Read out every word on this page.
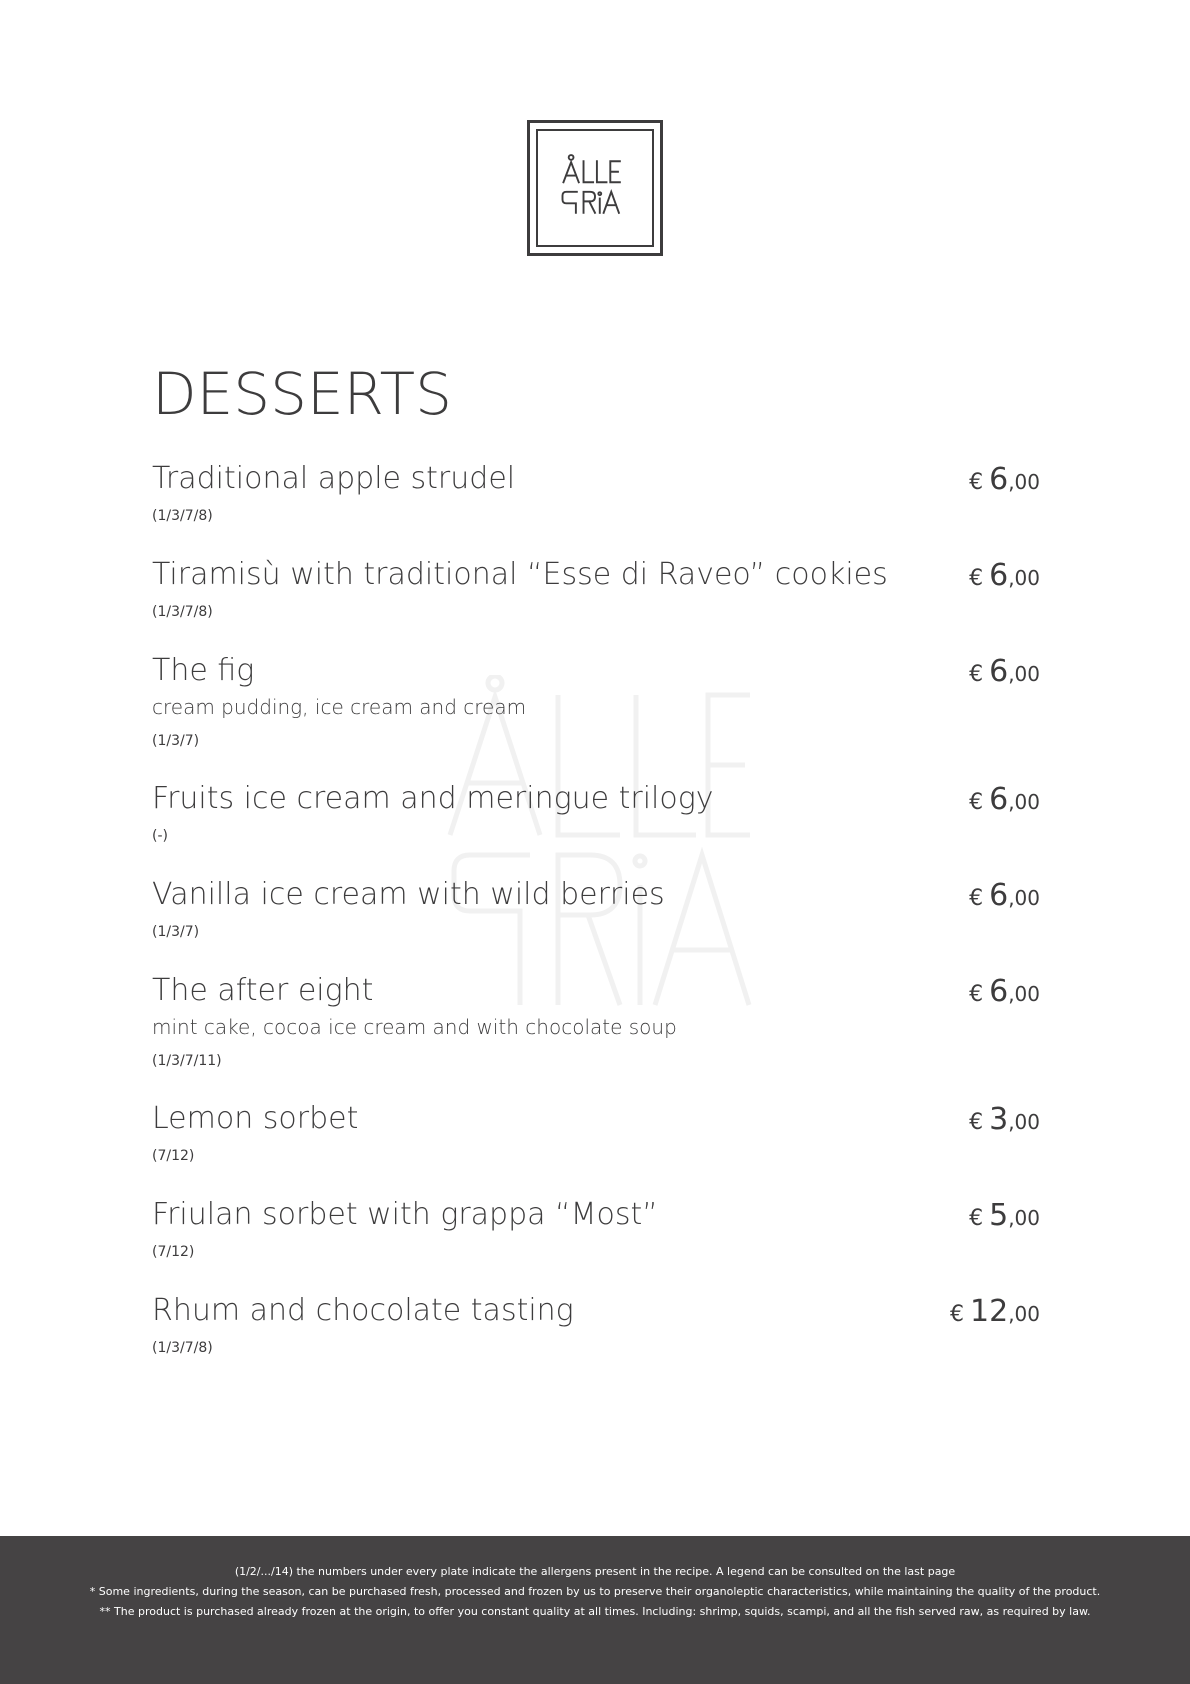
DESSERTS
Traditional apple strudel
(1/3/7/8)
€ 6,00
Tiramisù with traditional “Esse di Raveo” cookies
(1/3/7/8)
€ 6,00
The fig
cream pudding, ice cream and cream
(1/3/7)
€ 6,00
Fruits ice cream and meringue trilogy
(-)
€ 6,00
Vanilla ice cream with wild berries
(1/3/7)
€ 6,00
The after eight
mint cake, cocoa ice cream and with chocolate soup
(1/3/7/11)
€ 6,00
Lemon sorbet
(7/12)
€ 3,00
Friulan sorbet with grappa “Most”
(7/12)
€ 5,00
Rhum and chocolate tasting
(1/3/7/8)
€ 12,00
(1/2/.../14) the numbers under every plate indicate the allergens present in the recipe. A legend can be consulted on the last page
* Some ingredients, during the season, can be purchased fresh, processed and frozen by us to preserve their organoleptic characteristics, while maintaining the quality of the product.
** The product is purchased already frozen at the origin, to offer you constant quality at all times. Including: shrimp, squids, scampi, and all the fish served raw, as required by law.
